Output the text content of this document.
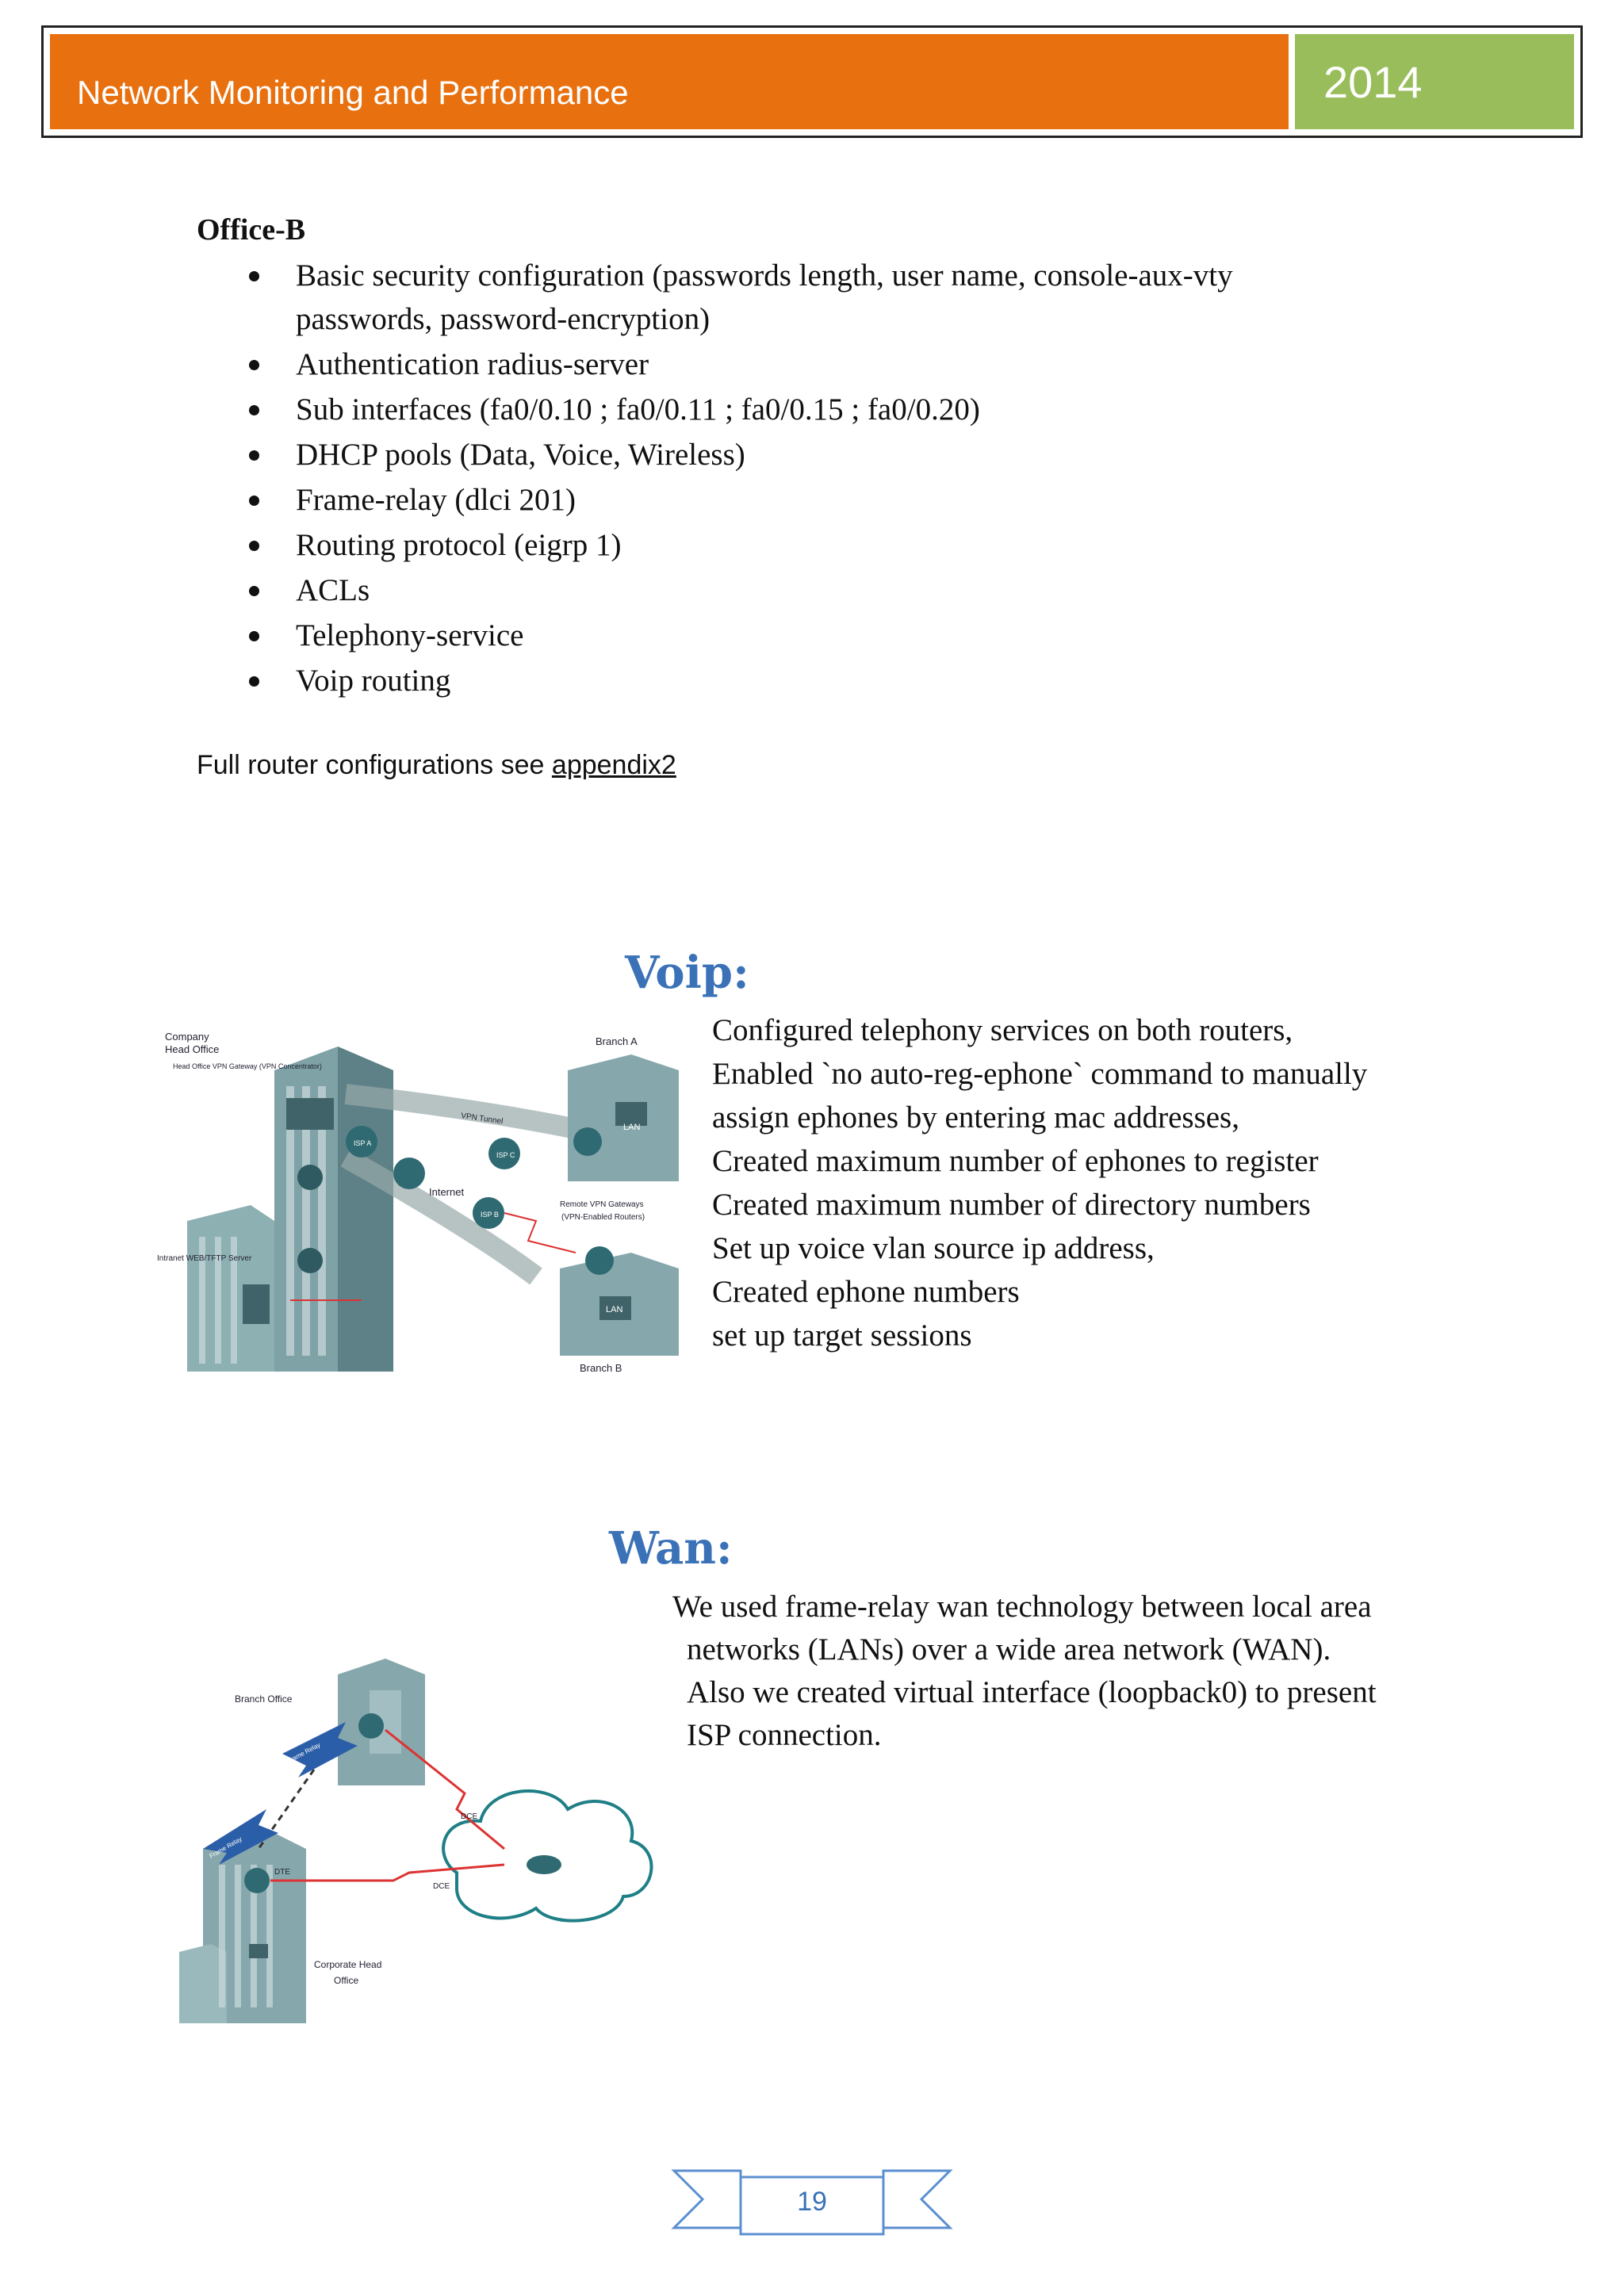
Network Monitoring and Performance	2014
Office-B
Basic security configuration (passwords length, user name, console-aux-vty
passwords, password-encryption)
Authentication radius-server
Sub interfaces (fa0/0.10 ; fa0/0.11 ; fa0/0.15 ; fa0/0.20)
DHCP pools (Data, Voice, Wireless)
Frame-relay (dlci 201)
Routing protocol (eigrp 1)
ACLs
Telephony-service
Voip routing
Full router configurations see appendix2
Voip:
Company
Head Office
Head Office VPN Gateway (VPN Concentrator)
Internet
Intranet WEB/TFTP Server
Branch A
Branch B
LAN
LAN
Remote VPN Gateways
(VPN-Enabled Routers)
ISP A
ISP B
ISP C
VPN Tunnel
Configured telephony services on both routers,
Enabled `no auto-reg-ephone` command to manually
assign ephones by entering mac addresses,
Created maximum number of ephones to register
Created maximum number of directory numbers
Set up voice vlan source ip address,
Created ephone numbers
set up target sessions
Wan:
Branch Office
DTE
DCE
DCE
Corporate Head
Office
Frame Relay
Frame Relay
We used frame-relay wan technology between local area
networks (LANs) over a wide area network (WAN).
Also we created virtual interface (loopback0) to present
ISP connection.
19
